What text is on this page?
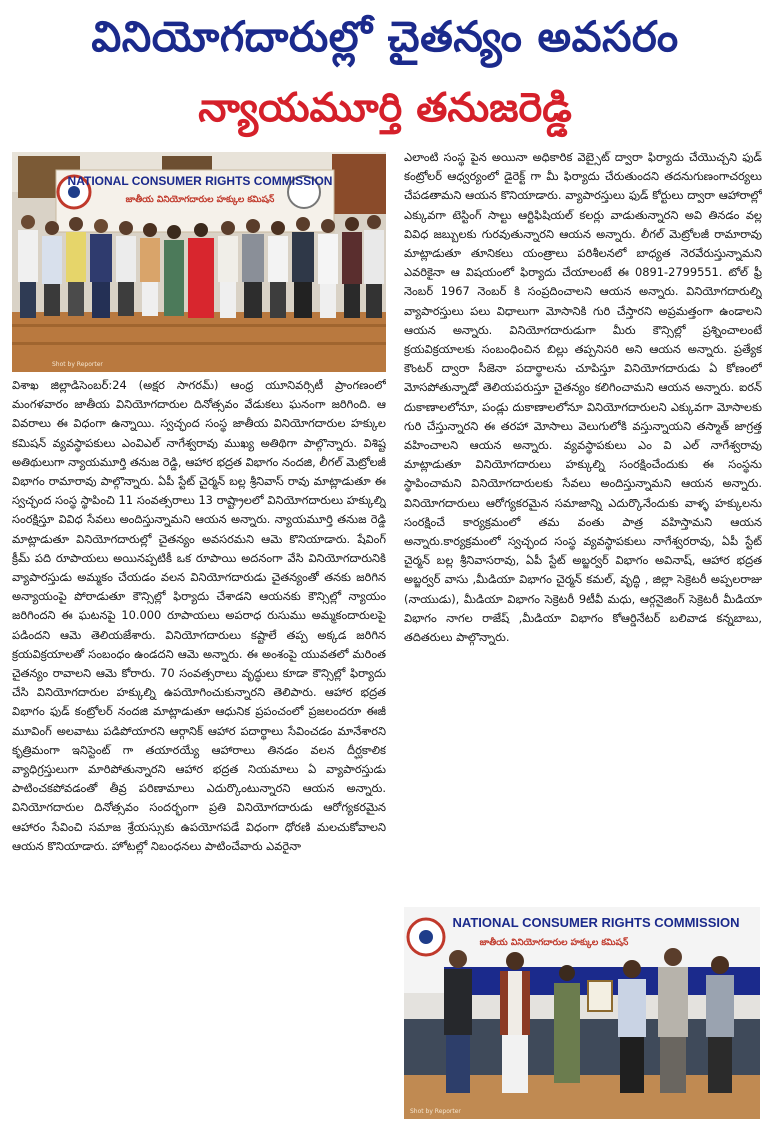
వినియోగదారుల్లో చైతన్యం అవసరం
న్యాయమూర్తి తనుజరెడ్డి
NATIONAL CONSUMER RIGHTS COMMISSION
జాతీయ వినియోగదారుల హక్కుల కమిషన్
Shot by Reporter

విశాఖ జిల్లాడిసెంబర్:24 (అక్షర సాగరమ్) ఆంధ్ర యూనివర్సిటీ ప్రాంగణంలో మంగళవారం జాతీయ వినియోగదారుల దినోత్సవం వేడుకలు ఘనంగా జరిగింది. ఆ వివరాలు ఈ విధంగా ఉన్నాయి. స్వచ్ఛంద సంస్థ జాతీయ వినియోగదారుల హక్కుల కమిషన్ వ్యవస్థాపకులు ఎంవిఎల్ నాగేశ్వరావు ముఖ్య అతిథిగా పాల్గొన్నారు. విశిష్ట అతిథులుగా న్యాయమూర్తి తనుజ రెడ్డి, ఆహార భద్రత విభాగం నందజి, లీగల్ మెట్రోలజీ విభాగం రామారావు పాల్గొన్నారు. ఏపీ స్టేట్ చైర్మన్ బల్ల శ్రీనివాస్ రావు మాట్లాడుతూ ఈ స్వచ్ఛంద సంస్థ స్థాపించి 11 సంవత్సరాలు 13 రాష్ట్రాలలో వినియోగదారులు హక్కుల్ని సంరక్షిస్తూ వివిధ సేవలు అందిస్తున్నామని ఆయన అన్నారు. న్యాయమూర్తి తనుజ రెడ్డి మాట్లాడుతూ వినియోగదారుల్లో చైతన్యం అవసరమని ఆమె కొనియాడారు. షేవింగ్ క్రీమ్ పది రూపాయలు అయినప్పటికీ ఒక రూపాయి అదనంగా వేసి వినియోగదారునికి వ్యాపారస్తుడు అమ్మకం చేయడం వలన వినియోగదారుడు చైతన్యంతో తనకు జరిగిన అన్యాయంపై పోరాడుతూ కౌన్సిల్లో ఫిర్యాదు చేశాడని ఆయనకు కౌన్సిల్లో న్యాయం జరిగిందని ఈ ఘటనపై 10.000 రూపాయలు అపరాధ రుసుము అమ్మకందారులపై పడిందని ఆమె తెలియజేశారు. వినియోగదారులు కష్టాలే తప్ప అక్కడ జరిగిన క్రయవిక్రయాలతో సంబంధం ఉండదని ఆమె అన్నారు. ఈ అంశంపై యువతలో మరింత చైతన్యం రావాలని ఆమె కోరారు. 70 సంవత్సరాలు వృద్ధులు కూడా కౌన్సిల్లో ఫిర్యాదు చేసి వినియోగదారుల హక్కుల్ని ఉపయోగించుకున్నారని తెలిపారు. ఆహార భద్రత విభాగం ఫుడ్ కంట్రోలర్ నందజి మాట్లాడుతూ ఆధునిక ప్రపంచంలో ప్రజలందరూ ఈజీ మూవింగ్ అలవాటు పడిపోయారని ఆర్గానిక్ ఆహార పదార్థాలు సేవించడం మానేశారని కృత్రిమంగా ఇనిస్టెంట్ గా తయారయ్యే ఆహారాలు తినడం వలన దీర్ఘకాలిక వ్యాధిగ్రస్తులుగా మారిపోతున్నారని ఆహార భద్రత నియమాలు ఏ వ్యాపారస్తుడు పాటించకపోవడంతో తీవ్ర పరిణామాలు ఎదుర్కొంటున్నారని ఆయన అన్నారు. వినియోగదారుల దినోత్సవం సందర్భంగా ప్రతి వినియోగదారుడు ఆరోగ్యకరమైన ఆహారం సేవించి సమాజ శ్రేయస్సుకు ఉపయోగపడే విధంగా ధోరణి మలచుకోవాలని ఆయన కొనియాడారు. హోటల్లో నిబంధనలు పాటించేవారు ఎవరైనా

ఎలాంటి సంస్థ పైన అయినా అధికారిక వెబ్సైట్ ద్వారా ఫిర్యాదు చేయొచ్చని ఫుడ్ కంట్రోలర్ ఆధ్వర్యంలో డైరెక్ట్ గా మీ ఫిర్యాదు చేరుతుందని తదనుగుణంగాచర్యలు చేపడతామని ఆయన కొనియాడారు. వ్యాపారస్తులు ఫుడ్ కోర్టులు ద్వారా ఆహారాల్లో ఎక్కువగా టెస్టింగ్ సాల్టు ఆర్టిఫిషియల్ కలర్లు వాడుతున్నారని అవి తినడం వల్ల వివిధ జబ్బులకు గురవుతున్నారని ఆయన అన్నారు. లీగల్ మెట్రోలజీ రామారావు మాట్లాడుతూ తూనికలు యంత్రాలు పరిశీలనలో బాధ్యత నెరవేరుస్తున్నామని ఎవరికైనా ఆ విషయంలో ఫిర్యాదు చేయాలంటే ఈ 0891-2799551. టోల్ ఫ్రీ నెంబర్ 1967 నెంబర్ కి సంప్రదించాలని ఆయన అన్నారు. వినియోగదారుల్ని వ్యాపారస్తులు పలు విధాలుగా మోసానికి గురి చేస్తారని అప్రమత్తంగా ఉండాలని ఆయన అన్నారు. వినియోగదారుడుగా మీరు కౌన్సిల్లో ప్రశ్నించాలంటే క్రయవిక్రయాలకు సంబంధించిన బిల్లు తప్పనిసరి అని ఆయన అన్నారు. ప్రత్యేక కౌంటర్ ద్వారా సీజెనా పదార్థాలను చూపిస్తూ వినియోగదారుడు ఏ కోణంలో మోసపోతున్నాడో తెలియపరుస్తూ చైతన్యం కలిగించామని ఆయన అన్నారు. ఐరన్ దుకాణాలలోనూ, పండ్లు దుకాణాలలోనూ వినియోగదారులని ఎక్కువగా మోసాలకు గురి చేస్తున్నారని ఈ తరహా మోసాలు వెలుగులోకి వస్తున్నాయని తస్మాత్ జాగ్రత్త వహించాలని ఆయన అన్నారు. వ్యవస్థాపకులు ఎం వి ఎల్ నాగేశ్వరావు మాట్లాడుతూ వినియోగదారులు హక్కుల్ని సంరక్షించేందుకు ఈ సంస్థను స్థాపించామని వినియోగదారులకు సేవలు అందిస్తున్నామని ఆయన అన్నారు. వినియోగదారులు ఆరోగ్యకరమైన సమాజాన్ని ఎదుర్కొనేందుకు వాళ్ళ హక్కులను సంరక్షించే కార్యక్రమంలో తమ వంతు పాత్ర వహిస్తామని ఆయన అన్నారు.కార్యక్రమంలో స్వచ్ఛంద సంస్థ వ్యవస్థాపకులు నాగేశ్వరరావు, ఏపీ స్టేట్ చైర్మన్ బల్ల శ్రీనివాసరావు, ఏపీ స్టేట్ అబ్జర్వర్ విభాగం అవినాష్, ఆహార భద్రత అబ్జర్వర్ వాసు ,మీడియా విభాగం చైర్మన్ కమల్, వృద్ధి , జిల్లా సెక్రెటరీ అప్పలరాజు (నాయుడు), మీడియా విభాగం సెక్రెటరీ 9టీవీ మధు, ఆర్గనైజింగ్ సెక్రెటరీ మీడియా విభాగం నాగల రాజేష్ ,మీడియా విభాగం కోఆర్డినేటర్ బలివాడ కన్నబాబు, తదితరులు పాల్గొన్నారు.

NATIONAL CONSUMER RIGHTS COMMISSION
జాతీయ వినియోగదారుల హక్కుల కమిషన్
Shot by Reporter
